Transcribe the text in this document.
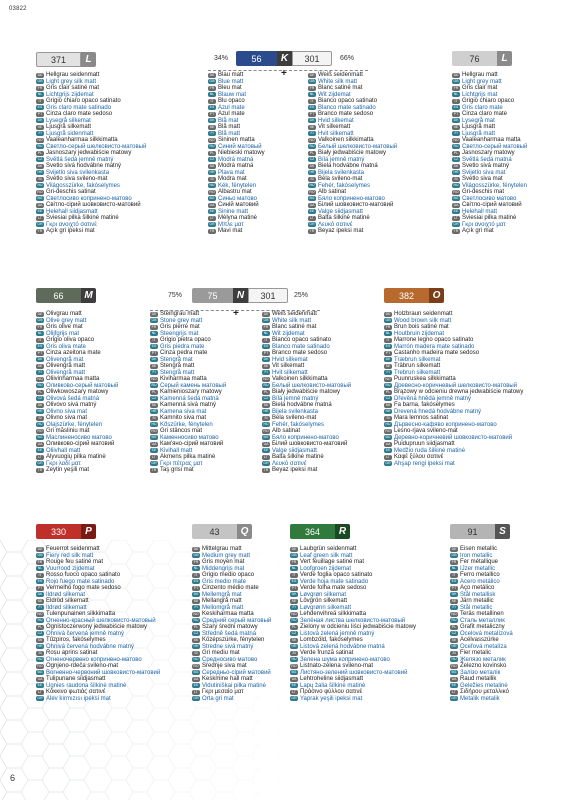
03822
371	L
DE Hellgrau seidenmatt
GB Light grey silk matt
FR Gris clair satiné mat
NL Lichtgrijs zijdemat
IT Grigio chiaro opaco satinato
ES Gris claro mate satinado
PT Cinza claro mate sedoso
DK Lysegrå silkemat
SE Ljusgrå silkematt
FI Ljusgrå sidenmatt
NO Vaaleanharmaa silkkimatta
RU Светло-серый шелковисто-матовый
PL Jasnoszary jedwabiście matowy
CZ Světlá šedá jemně matný
SK Svetlo sivá hodvábne matný
HR Svijetlo siva svilenkasta
SI Svetlo siva svileno-mat
HU Világosszürke, fakóselymes
RO Gri-deschis satinat
BG Светлосиво копринено-матово
UA Світло-сірий шовковисто-матовий
EE Helehall siidjasmatt
LT Šviesiai pilka šilkinė matinė
GR Γκρι ανοιχτό σατινέ
TR Açık gri ipeksi mat
34%	56	K	301	66%
+
DE Blau matt
GB Blue matt
FR Bleu mat
NL Blauw mat
IT Blu opaco
ES Azul mate
PT Azul mate
DK Blå mat
SE Blå matt
FI Blå matt
NO Sininen matta
RU Синий матовый
PL Niebieski matowy
CZ Modrá matná
SK Modrá matná
HR Plava mat
SI Modra mat
HU Kék, fénytelen
RO Albastru mat
BG Синьо матово
UA Синій матовий
EE Sinine matt
LT Mėlyna matinė
GR Μπλε ματ
TR Mavi mat
DE Weiß seidenmatt
GB White silk matt
FR Blanc satiné mat
NL Wit zijdemat
IT Bianco opaco satinato
ES Blanco mate satinado
PT Branco mate sedoso
DK Hvid silkemat
SE Vit silkematt
FI Hvit silkematt
NO Valkoinen silkkimatta
RU Белый шелковисто-матовый
PL Biały jedwabiście matowy
CZ Bílá jemně matný
SK Biela hodvábne matná
HR Bijela svilenkasta
SI Bela svileno-mat
HU Fehér, fakóselymes
RO Alb satinat
BG Бяло копринено-матово
UA Білий шовковисто-матовий
EE Valge siidjasmatt
LT Balta šilkinė matinė
GR Λευκό σατινέ
TR Beyaz ipeksi mat
76	L
DE Hellgrau matt
GB Light grey matt
FR Gris clair mat
NL Lichtgrijs mat
IT Grigio chiaro opaco
ES Gris claro mate
PT Cinza claro mate
DK Lysegrå mat
SE Ljusgrå matt
FI Ljusgrå matt
NO Vaaleanharmaa matta
RU Светло-серый матовый
PL Jasnoszary matowy
CZ Světlá šedá matná
SK Svetlo sivá matný
HR Svijetlo siva mat
SI Svetlo siva mat
HU Világosszürke, fénytelen
RO Gri-deschis mat
BG Светлосиво матово
UA Світло-сірий матовий
EE Helehall matt
LT Šviesiai pilka matinė
GR Γκρι ανοιχτό ματ
TR Açık gri mat
66	M
DE Olivgrau matt
GB Olive grey matt
FR Gris olive mat
NL Olijfgrijs mat
IT Grigio oliva opaco
ES Gris oliva mate
PT Cinza azeitona mate
DK Olivengrå mat
SE Olivengrå matt
FI Olivengrå matt
NO Oliivinharmaa matta
RU Оливково-серый матовый
PL Oliwkowoszary matowy
CZ Olivová šedá matná
SK Olivovo sivá matný
HR Olivno siva mat
SI Olivno siva mat
HU Olajszürke, fénytelen
RO Gri măsliniu mat
BG Маслиненосиво матово
UA Оливково-сірий матовий
EE Oliivhall matt
LT Alyvuogių pilka matinė
GR Γκρι λαδί ματ
TR Zeytin yeşili mat
75%	75	N	301	25%
+
DE Steingrau matt
GB Stone grey matt
FR Gris pierre mat
NL Steengrijs mat
IT Grigio pietra opaco
ES Gris piedra mate
PT Cinza pedra mate
DK Stengrå mat
SE Stengrå matt
FI Stengrå matt
NO Kiviharmaa matta
RU Серый камень матовый
PL Kamienioszary matowy
CZ Kamenná šedá matná
SK Kamenná sivá matný
HR Kamena siva mat
SI Kamnito siva mat
HU Kőszürke, fénytelen
RO Gri stâncos mat
BG Каменносиво матово
UA Кам'яно-сірий матовий
EE Kivihall matt
LT Akmens pilka matinė
GR Γκρι πέτρας ματ
TR Taş grisi mat
DE Weiß seidenmatt
GB White silk matt
FR Blanc satiné mat
NL Wit zijdemat
IT Bianco opaco satinato
ES Blanco mate satinado
PT Branco mate sedoso
DK Hvid silkemat
SE Vit silkematt
FI Hvit silkematt
NO Valkoinen silkkimatta
RU Белый шелковисто-матовый
PL Biały jedwabiście matowy
CZ Bílá jemně matný
SK Biela hodvábne matná
HR Bijela svilenkasta
SI Bela svileno-mat
HU Fehér, fakóselymes
RO Alb satinat
BG Бяло копринено-матово
UA Білий шовковисто-матовий
EE Valge siidjasmatt
LT Balta šilkinė matinė
GR Λευκό σατινέ
TR Beyaz ipeksi mat
382	O
DE Holzbraun seidenmatt
GB Wood brown silk matt
FR Brun bois satiné mat
NL Houtbruin zijdemat
IT Marrone legno opaco satinato
ES Marrón madera mate satinado
PT Castanho madeira mate sedoso
DK Træbrun silkemat
SE Träbrun silkematt
FI Trebrun silkematt
NO Puunruskea silkkimatta
RU Древесно-коричневый шелковисто-матовый
PL Brązowy w odcieniu drewna jedwabiście matowy
CZ Dřevěná hnědá jemně matný
SK Fa barna, fakóselymes
HR Drevená hnedá hodvábne matný
SI Mara lemnos satinat
HU Дървесно-кафяво копринено-матово
RO Lesno-rjava svileno-mat
BG Деревно-коричневий шовковисто-матовий
UA Puidupruun siidjasmatt
EE Medžio ruda šilkinė matinė
LT Καφέ ξύλου σατινέ
GR Ahşap rengi ipeksi mat
330	P
DE Feuerrot seidenmatt
GB Fiery red silk matt
FR Rouge feu satiné mat
NL Vuurrood zijdemat
IT Rosso fuoco opaco satinato
ES Rojo fuego mate satinado
PT Vermelho fogo mate sedoso
DK Ildrød silkemat
SE Eldröd silkematt
FI Ildrød silkematt
NO Tulenpunainen silkkimatta
RU Огненно-красный шелковисто-матовый
PL Ognistoczerwony jedwabiście matowy
CZ Ohnivá červená jemně matný
SK Tűzpiros, fakóselymes
HR Ohnivá červená hodvábne matný
SI Roșu aprins satinat
HU Огненочервено копринено-матово
RO Ognjeno-rdeča svileno-mat
BG Вогненно-червоний шовковисто-матовий
UA Tulipunane siidjasmatt
EE Ugnies raudona šilkinė matinė
LT Κόκκινο φωτιάς σατινέ
GR Alev kırmızısı ipeksi mat
43	Q
DE Mittelgrau matt
GB Medium grey matt
FR Gris moyen mat
NL Middengrijs mat
IT Grigio medio opaco
ES Gris medio mate
PT Cinzento médio mate
DK Mellemgrå mat
SE Mellangrå matt
FI Mellomgrå matt
NO Keskiharmaa matta
RU Средний серый матовый
PL Szary średni matowy
CZ Středně šedá matná
SK Középszürke, fénytelen
HR Stredne sivá matný
SI Gri mediu mat
HU Средносиво матово
RO Srednje siva mat
BG Середньо-сірий матовий
UA Keskmine hall matt
EE Vidutiniškai pilka matinė
LT Γκρι μεσαίο ματ
GR Orta gri mat
364	R
DE Laubgrün seidenmatt
GB Leaf green silk matt
FR Vert feuillage satiné mat
NL Loofgroen zijdemat
IT Verde foglia opaco satinato
ES Verde hoja mate satinado
PT Verde folha mate sedoso
DK Løvgrøn silkemat
SE Lövgrön silkematt
FI Løvgrønn silkematt
NO Lehdenvihreä silkkimatta
RU Зелёная листва шелковисто-матовый
PL Zielony w odcieniu liści jedwabiście matowy
CZ Listová zelená jemně matný
SK Lombzöld, fakóselymes
HR Listová zelená hodvábne matná
SI Verde frunză satinat
HU Зелена шума копринено-матово
RO Listnato-zelena svileno-mat
BG Листяно-зелений шовковисто-матовий
UA Lehtroheline siidjasmatt
EE Lapų žalia šilkinė matinė
LT Πράσινο φύλλου σατινέ
GR Yaprak yeşili ipeksi mat
91	S
DE Eisen metallic
GB Iron metallic
FR Fer métallique
NL IJzer metallic
IT Ferro metallico
ES Acero metálico
PT Aço metálico
DK Stål metallisk
SE Järn metallic
FI Stål metallic
NO Teräs metallinen
RU Сталь металлик
PL Grafit metaliczny
CZ Ocelová metalízová
SK Acélvasszürke
HR Oceľová metalíza
SI Fier metalic
HU Желязо металик
RO Železno kovinsko
BG Залізо металік
UA Raud metallik
EE Geležies metalinė
LT Σιδήρου μεταλλικό
GR Metalik metalik
6
